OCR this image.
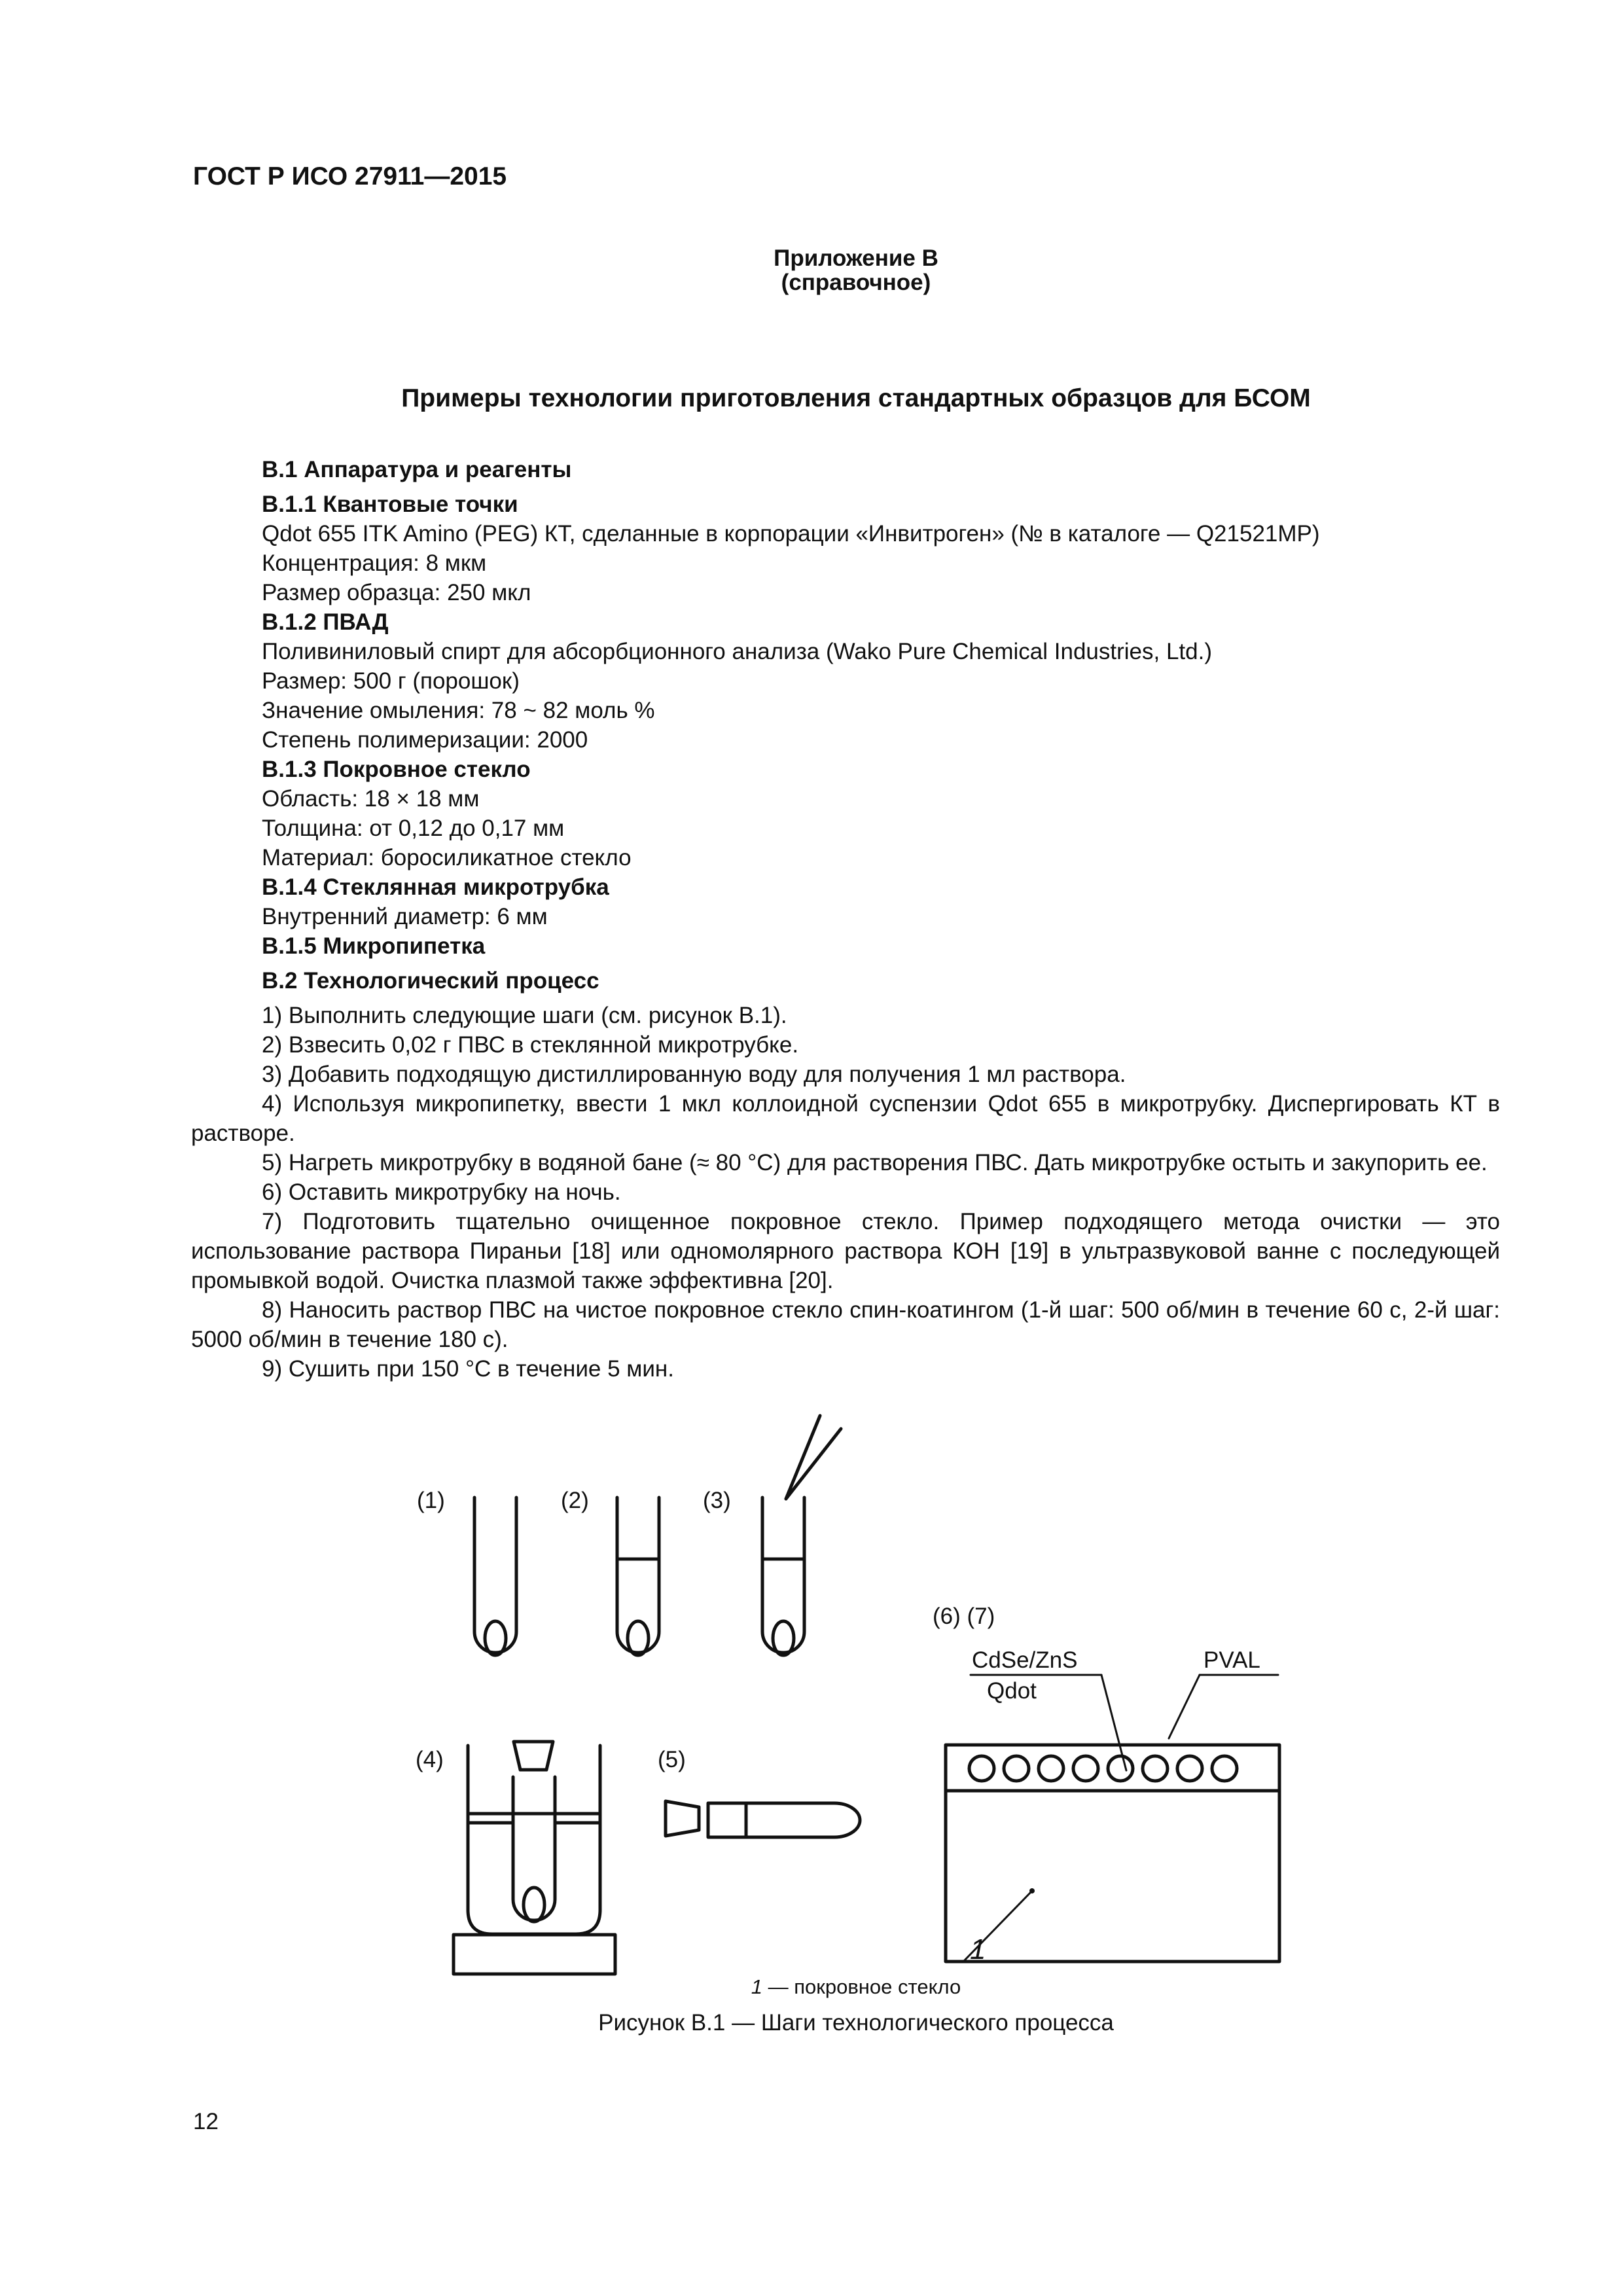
ГОСТ Р ИСО 27911—2015
Приложение В
(справочное)
Примеры технологии приготовления стандартных образцов для БСОМ

В.1 Аппаратура и реагенты

В.1.1 Квантовые точки

Qdot 655 ITK Amino (PEG) КТ, сделанные в корпорации «Инвитроген» (№ в каталоге — Q21521MP)

Концентрация: 8 мкм

Размер образца: 250 мкл

В.1.2 ПВАД

Поливиниловый спирт для абсорбционного анализа (Wako Pure Chemical Industries, Ltd.)

Размер: 500 г (порошок)

Значение омыления: 78 ~ 82 моль %

Степень полимеризации: 2000

В.1.3 Покровное стекло

Область: 18 × 18 мм

Толщина: от 0,12 до 0,17 мм

Материал: боросиликатное стекло

В.1.4 Стеклянная микротрубка

Внутренний диаметр: 6 мм

В.1.5 Микропипетка

В.2 Технологический процесс

1) Выполнить следующие шаги (см. рисунок В.1).

2) Взвесить 0,02 г ПВС в стеклянной микротрубке.

3) Добавить подходящую дистиллированную воду для получения 1 мл раствора.

4) Используя микропипетку, ввести 1 мкл коллоидной суспензии Qdot 655 в микротрубку. Диспергировать КТ в растворе.

5) Нагреть микротрубку в водяной бане (≈ 80 °С) для растворения ПВС. Дать микротрубке остыть и закупорить ее.

6) Оставить микротрубку на ночь.

7) Подготовить тщательно очищенное покровное стекло. Пример подходящего метода очистки — это использование раствора Пираньи [18] или одномолярного раствора КОН [19] в ультразвуковой ванне с последующей промывкой водой. Очистка плазмой также эффективна [20].

8) Наносить раствор ПВС на чистое покровное стекло спин-коатингом (1-й шаг: 500 об/мин в течение 60 с, 2-й шаг: 5000 об/мин в течение 180 с).

9) Сушить при 150 °С в течение 5 мин.

(1)	(2)	(3)
(4)	(5)
(6) (7)
CdSe/ZnS
Qdot
PVAL
1
1 — покровное стекло
Рисунок В.1 — Шаги технологического процесса
12
